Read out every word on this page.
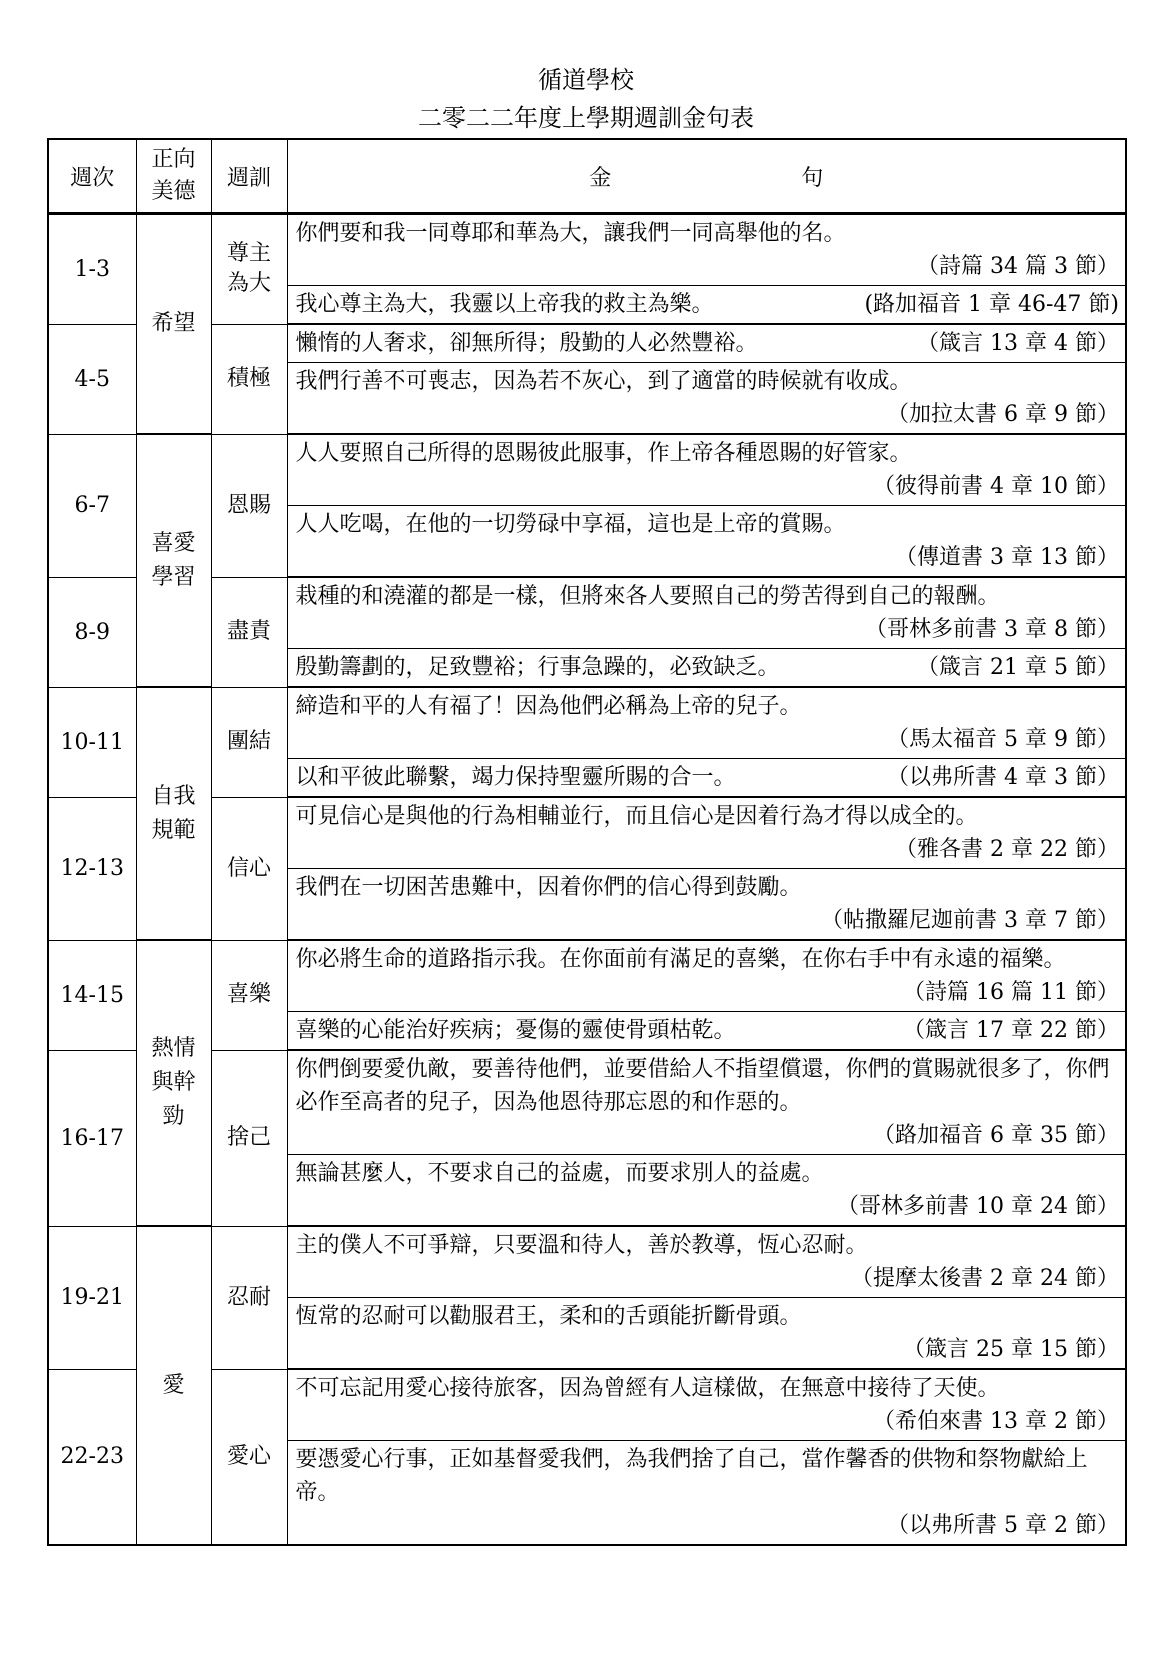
循道學校
二零二二年度上學期週訓金句表
週次	正向美德	週訓	金 句
1-3	希望	尊主為大	你們要和我一同尊耶和華為大，讓我們一同高舉他的名。
（詩篇 34 篇 3 節）

			我心尊主為大，我靈以上帝我的救主為樂。 (路加福音 1 章 46-47 節)

4-5		積極	懶惰的人奢求，卻無所得；殷勤的人必然豐裕。 （箴言 13 章 4 節）

			我們行善不可喪志，因為若不灰心，到了適當的時候就有收成。
（加拉太書 6 章 9 節）

6-7	喜愛學習	恩賜	人人要照自己所得的恩賜彼此服事，作上帝各種恩賜的好管家。
（彼得前書 4 章 10 節）

			人人吃喝，在他的一切勞碌中享福，這也是上帝的賞賜。
（傳道書 3 章 13 節）

8-9		盡責	栽種的和澆灌的都是一樣，但將來各人要照自己的勞苦得到自己的報酬。
（哥林多前書 3 章 8 節）

			殷勤籌劃的，足致豐裕；行事急躁的，必致缺乏。 （箴言 21 章 5 節）

10-11	自我規範	團結	締造和平的人有福了！因為他們必稱為上帝的兒子。
（馬太福音 5 章 9 節）

			以和平彼此聯繫，竭力保持聖靈所賜的合一。 （以弗所書 4 章 3 節）

12-13		信心	可見信心是與他的行為相輔並行，而且信心是因着行為才得以成全的。
（雅各書 2 章 22 節）

			我們在一切困苦患難中，因着你們的信心得到鼓勵。
（帖撒羅尼迦前書 3 章 7 節）

14-15	熱情與幹勁	喜樂	你必將生命的道路指示我。在你面前有滿足的喜樂，在你右手中有永遠的福樂。
（詩篇 16 篇 11 節）

			喜樂的心能治好疾病；憂傷的靈使骨頭枯乾。 （箴言 17 章 22 節）

16-17		捨己	你們倒要愛仇敵，要善待他們，並要借給人不指望償還，你們的賞賜就很多了，你們必作至高者的兒子，因為他恩待那忘恩的和作惡的。
（路加福音 6 章 35 節）

			無論甚麼人，不要求自己的益處，而要求別人的益處。
（哥林多前書 10 章 24 節）

19-21	愛	忍耐	主的僕人不可爭辯，只要溫和待人，善於教導，恆心忍耐。
（提摩太後書 2 章 24 節）

			恆常的忍耐可以勸服君王，柔和的舌頭能折斷骨頭。
（箴言 25 章 15 節）

22-23		愛心	不可忘記用愛心接待旅客，因為曾經有人這樣做，在無意中接待了天使。
（希伯來書 13 章 2 節）

			要憑愛心行事，正如基督愛我們，為我們捨了自己，當作馨香的供物和祭物獻給上帝。
（以弗所書 5 章 2 節）
